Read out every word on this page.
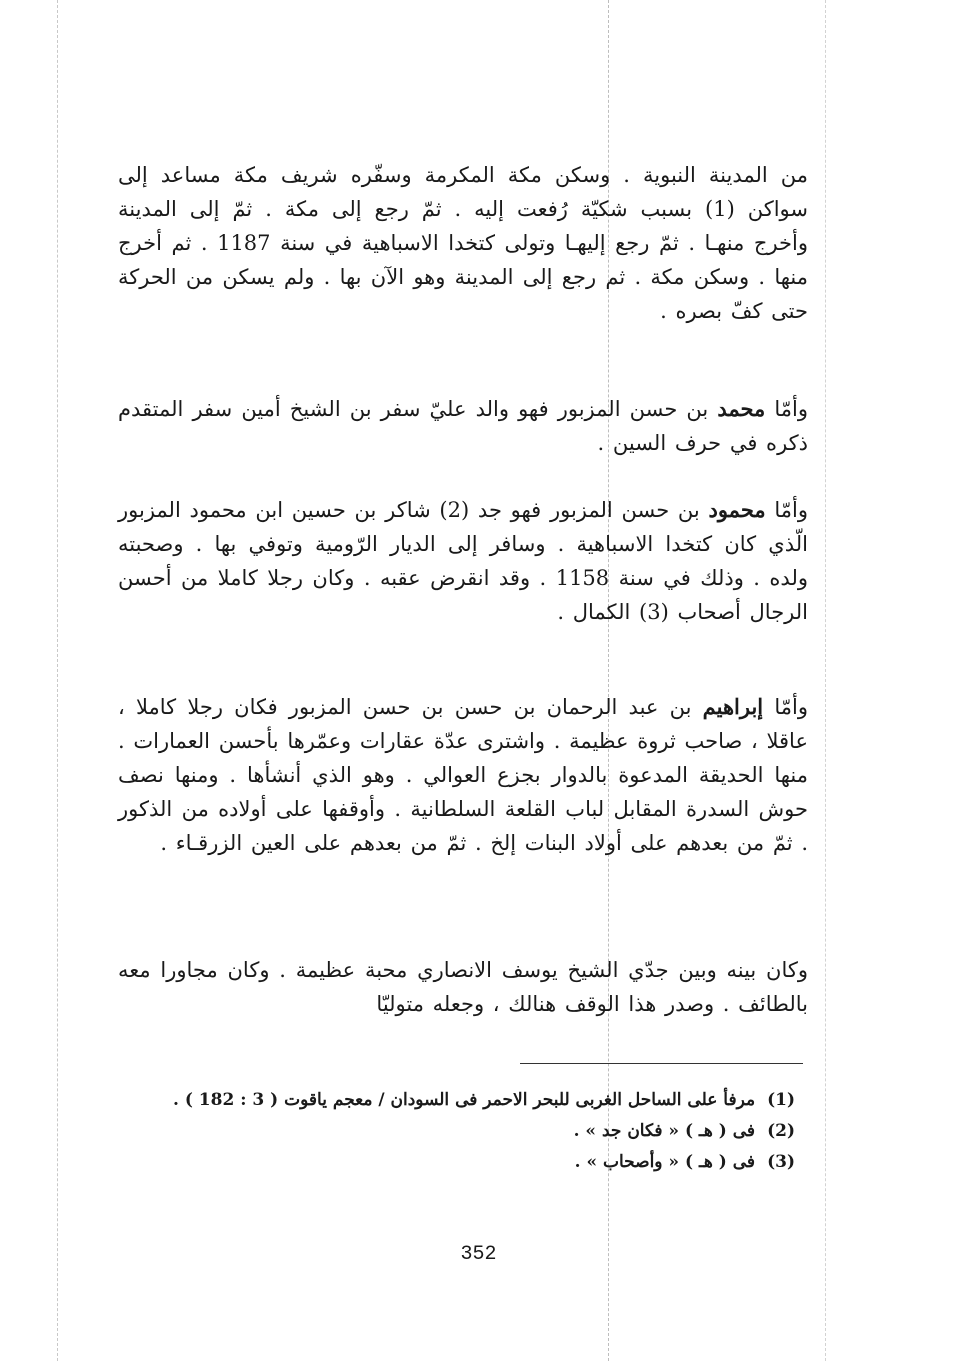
من المدينة النبوية . وسكن مكة المكرمة وسفّره شريف مكة مساعد إلى سواكن (1) بسبب شكيّة رُفعت إليه . ثمّ رجع إلى مكة . ثمّ إلى المدينة وأخرج منهـا . ثمّ رجع إليهـا وتولى كتخدا الاسباهية في سنة 1187 . ثم أخرج منها . وسكن مكة . ثم رجع إلى المدينة وهو الآن بها . ولم يسكن من الحركة حتى كفّ بصره .

وأمّا محمد بن حسن المزبور فهو والد عليّ سفر بن الشيخ أمين سفر المتقدم ذكره في حرف السين .

وأمّا محمود بن حسن المزبور فهو جد (2) شاكر بن حسين ابن محمود المزبور الّذي كان كتخدا الاسباهية . وسافر إلى الديار الرّومية وتوفي بها . وصحبته ولده . وذلك في سنة 1158 . وقد انقرض عقبه . وكان رجلا كاملا من أحسن الرجال أصحاب (3) الكمال .

وأمّا إبراهيم بن عبد الرحمان بن حسن بن حسن المزبور فكان رجلا كاملا ، عاقلا ، صاحب ثروة عظيمة . واشترى عدّة عقارات وعمّرها بأحسن العمارات . منها الحديقة المدعوة بالدوار بجزع العوالي . وهو الذي أنشأها . ومنها نصف حوش السدرة المقابل لباب القلعة السلطانية . وأوقفها على أولاده من الذكور . ثمّ من بعدهم على أولاد البنات إلخ . ثمّ من بعدهم على العين الزرقـاء .

وكان بينه وبين جدّي الشيخ يوسف الانصاري محبة عظيمة . وكان مجاورا معه بالطائف . وصدر هذا الوقف هنالك ، وجعله متوليّا

(1)
مرفأ على الساحل الغربى للبحر الاحمر فى السودان / معجم ياقوت ( 3 : 182 ) .
(2)
فى ( هـ ) « فكان جد » .
(3)
فى ( هـ ) « وأصحاب » .
352
